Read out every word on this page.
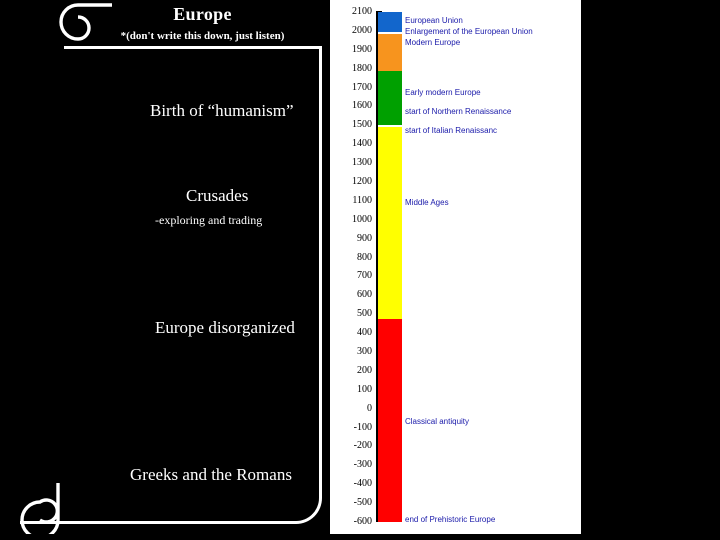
Europe
*(don't write this down, just listen)
Birth of “humanism”
Crusades
-exploring and trading
Europe disorganized
Greeks and the Romans
2100
2000
1900
1800
1700
1600
1500
1400
1300
1200
1100
1000
900
800
700
600
500
400
300
200
100
0
-100
-200
-300
-400
-500
-600
European Union
Enlargement of the European Union
Modern Europe
Early modern Europe
start of Northern Renaissance
start of Italian Renaissanc
Middle Ages
Classical antiquity
end of Prehistoric Europe
